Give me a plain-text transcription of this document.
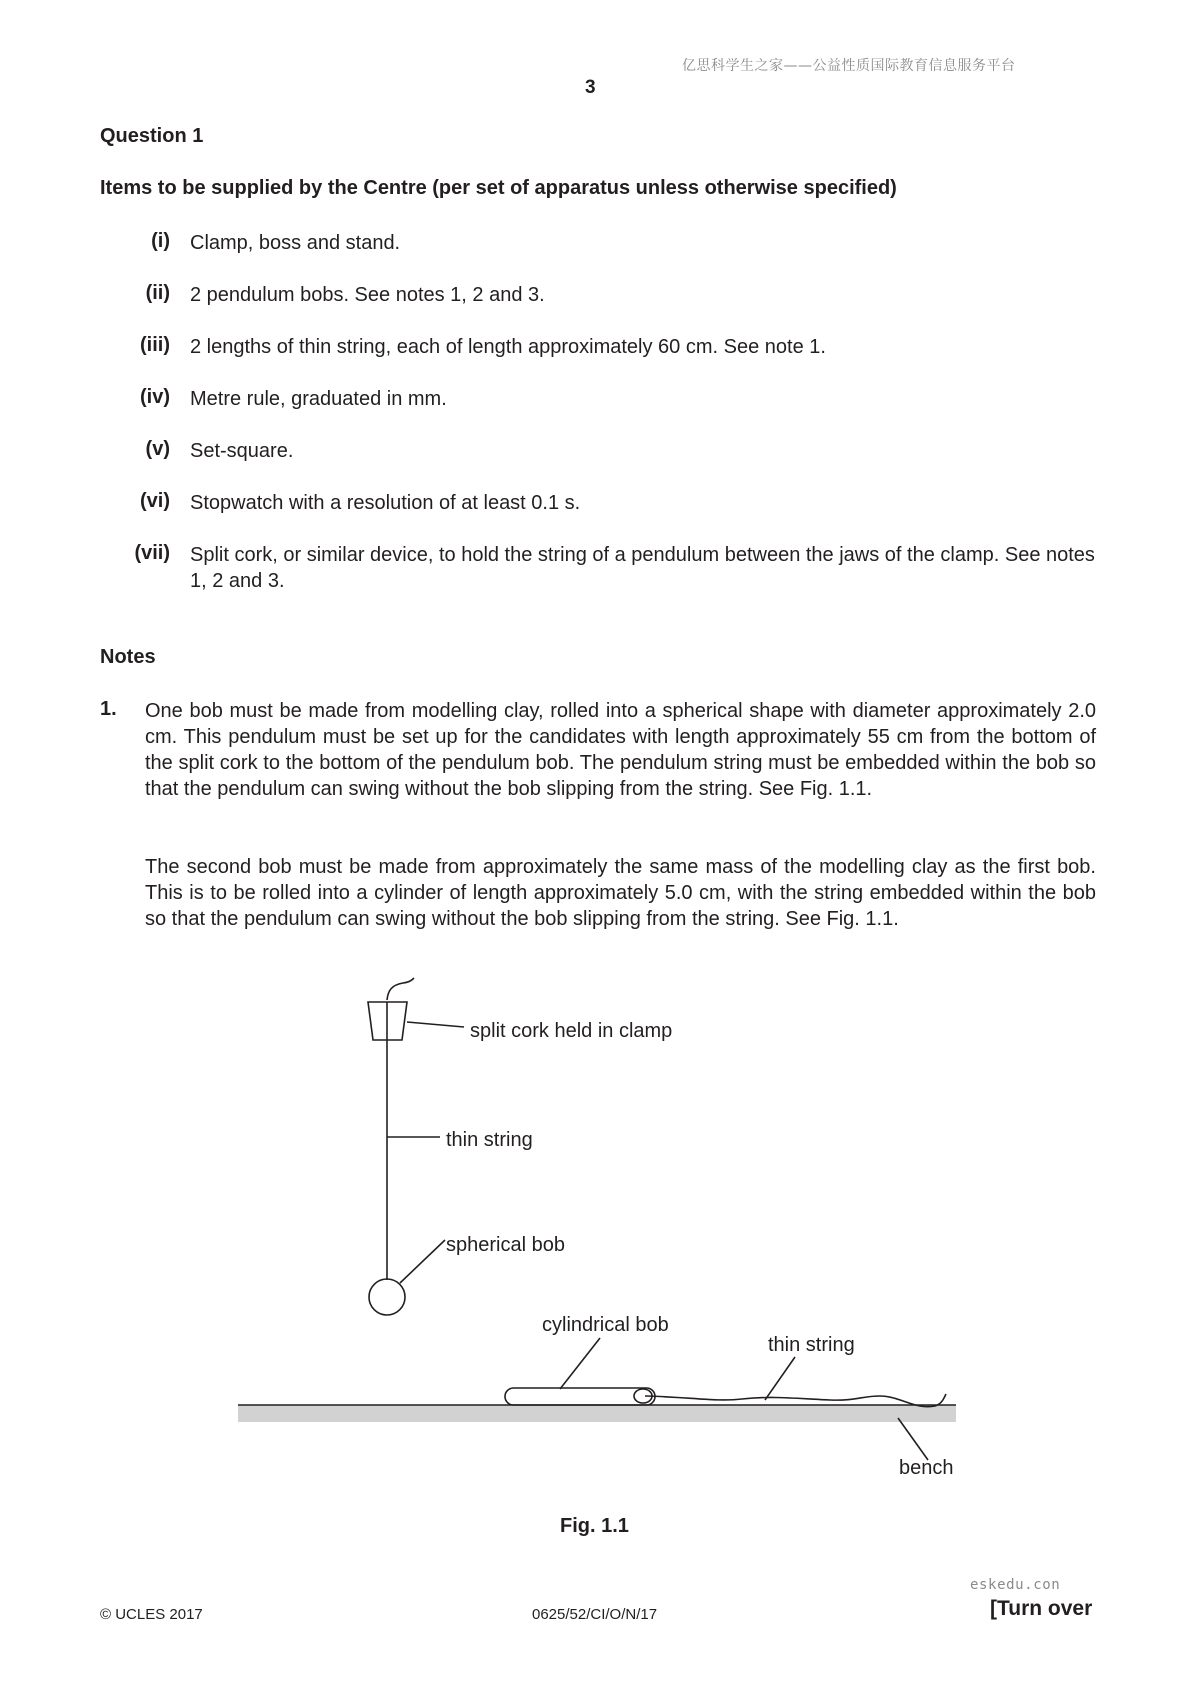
亿思科学生之家——公益性质国际教育信息服务平台
3
Question 1
Items to be supplied by the Centre (per set of apparatus unless otherwise specified)
(i) Clamp, boss and stand.
(ii) 2 pendulum bobs. See notes 1, 2 and 3.
(iii) 2 lengths of thin string, each of length approximately 60 cm. See note 1.
(iv) Metre rule, graduated in mm.
(v) Set-square.
(vi) Stopwatch with a resolution of at least 0.1 s.
(vii) Split cork, or similar device, to hold the string of a pendulum between the jaws of the clamp. See notes 1, 2 and 3.
Notes
1. One bob must be made from modelling clay, rolled into a spherical shape with diameter approximately 2.0 cm. This pendulum must be set up for the candidates with length approximately 55 cm from the bottom of the split cork to the bottom of the pendulum bob. The pendulum string must be embedded within the bob so that the pendulum can swing without the bob slipping from the string. See Fig. 1.1.

The second bob must be made from approximately the same mass of the modelling clay as the first bob. This is to be rolled into a cylinder of length approximately 5.0 cm, with the string embedded within the bob so that the pendulum can swing without the bob slipping from the string. See Fig. 1.1.

split cork held in clamp
thin string
spherical bob
cylindrical bob
thin string
bench
Fig. 1.1
eskedu.con
© UCLES 2017	0625/52/CI/O/N/17	[Turn over
